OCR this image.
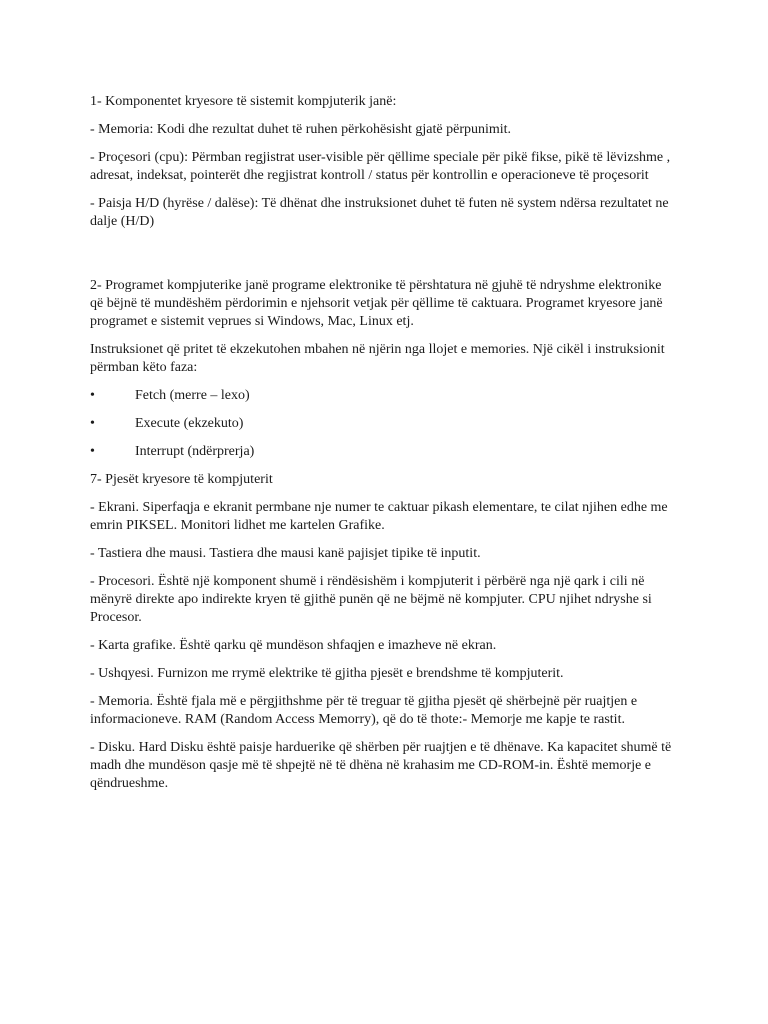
1- Komponentet kryesore të sistemit kompjuterik janë:

- Memoria: Kodi dhe rezultat duhet të ruhen përkohësisht gjatë përpunimit.

- Proçesori (cpu): Përmban regjistrat user-visible për qëllime speciale për pikë fikse, pikë të lëvizshme , adresat, indeksat, pointerët dhe regjistrat kontroll / status për kontrollin e operacioneve të proçesorit

- Paisja H/D (hyrëse / dalëse): Të dhënat dhe instruksionet duhet të futen në system ndërsa rezultatet ne dalje (H/D)

2- Programet kompjuterike janë programe elektronike të përshtatura në gjuhë të ndryshme elektronike që bëjnë të mundëshëm përdorimin e njehsorit vetjak për qëllime të caktuara. Programet kryesore janë programet e sistemit veprues si Windows, Mac, Linux etj.

Instruksionet që pritet të ekzekutohen mbahen në njërin nga llojet e memories. Një cikël i instruksionit përmban këto faza:

•	Fetch (merre – lexo)
•	Execute (ekzekuto)
•	Interrupt (ndërprerja)

7- Pjesët kryesore të kompjuterit

- Ekrani. Siperfaqja e ekranit permbane nje numer te caktuar pikash elementare, te cilat njihen edhe me emrin PIKSEL. Monitori lidhet me kartelen Grafike.

- Tastiera dhe mausi. Tastiera dhe mausi kanë pajisjet tipike të inputit.

- Procesori. Është një komponent shumë i rëndësishëm i kompjuterit i përbërë nga një qark i cili në mënyrë direkte apo indirekte kryen të gjithë punën që ne bëjmë në kompjuter. CPU njihet ndryshe si Procesor.

- Karta grafike. Është qarku që mundëson shfaqjen e imazheve në ekran.

- Ushqyesi. Furnizon me rrymë elektrike të gjitha pjesët e brendshme të kompjuterit.

- Memoria. Është fjala më e përgjithshme për të treguar të gjitha pjesët që shërbejnë për ruajtjen e informacioneve. RAM (Random Access Memorry), që do të thote:- Memorje me kapje te rastit.

- Disku. Hard Disku është paisje harduerike që shërben për ruajtjen e të dhënave. Ka kapacitet shumë të madh dhe mundëson qasje më të shpejtë në të dhëna në krahasim me CD-ROM-in. Është memorje e qëndrueshme.
